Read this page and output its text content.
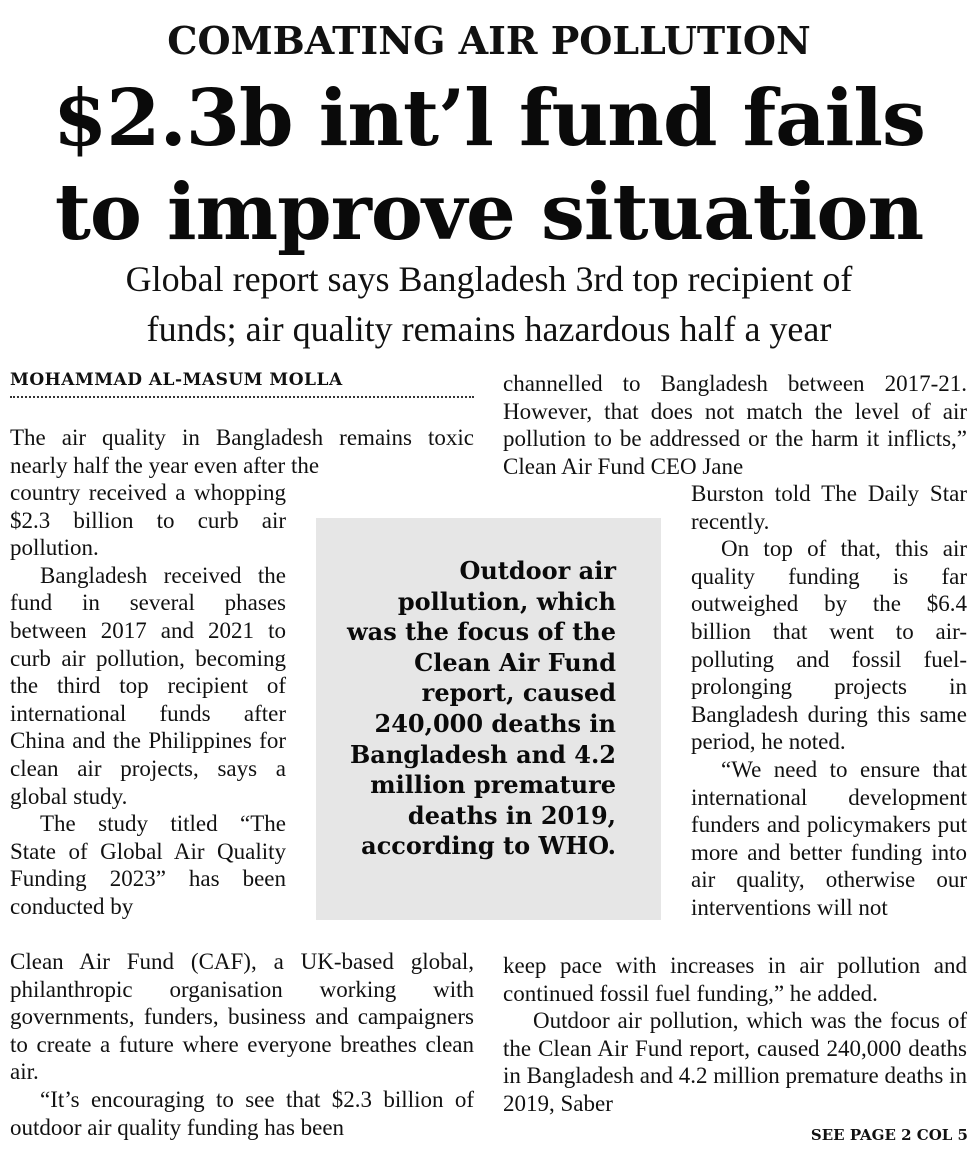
COMBATING AIR POLLUTION
$2.3b int’l fund fails
to improve situation
Global report says Bangladesh 3rd top recipient of
funds; air quality remains hazardous half a year
MOHAMMAD AL-MASUM MOLLA

The air quality in Bangladesh remains toxic nearly half the year even after the

country received a whopping $2.3 billion to curb air pollution.

Bangladesh received the fund in several phases between 2017 and 2021 to curb air pollution, becoming the third top recipient of international funds after China and the Philippines for clean air projects, says a global study.

The study titled “The State of Global Air Quality Funding 2023” has been conducted by

Clean Air Fund (CAF), a UK-based global, philanthropic organisation working with governments, funders, business and campaigners to create a future where everyone breathes clean air.

“It’s encouraging to see that $2.3 billion of outdoor air quality funding has been

channelled to Bangladesh between 2017-21. However, that does not match the level of air pollution to be addressed or the harm it inflicts,” Clean Air Fund CEO Jane

Burston told The Daily Star recently.

On top of that, this air quality funding is far outweighed by the $6.4 billion that went to air-polluting and fossil fuel-prolonging projects in Bangladesh during this same period, he noted.

“We need to ensure that international development funders and policymakers put more and better funding into air quality, otherwise our interventions will not

keep pace with increases in air pollution and continued fossil fuel funding,” he added.

Outdoor air pollution, which was the focus of the Clean Air Fund report, caused 240,000 deaths in Bangladesh and 4.2 million premature deaths in 2019, Saber

Outdoor air pollution, which was the focus of the Clean Air Fund report, caused 240,000 deaths in Bangladesh and 4.2 million premature deaths in 2019, according to WHO.
SEE PAGE 2 COL 5
